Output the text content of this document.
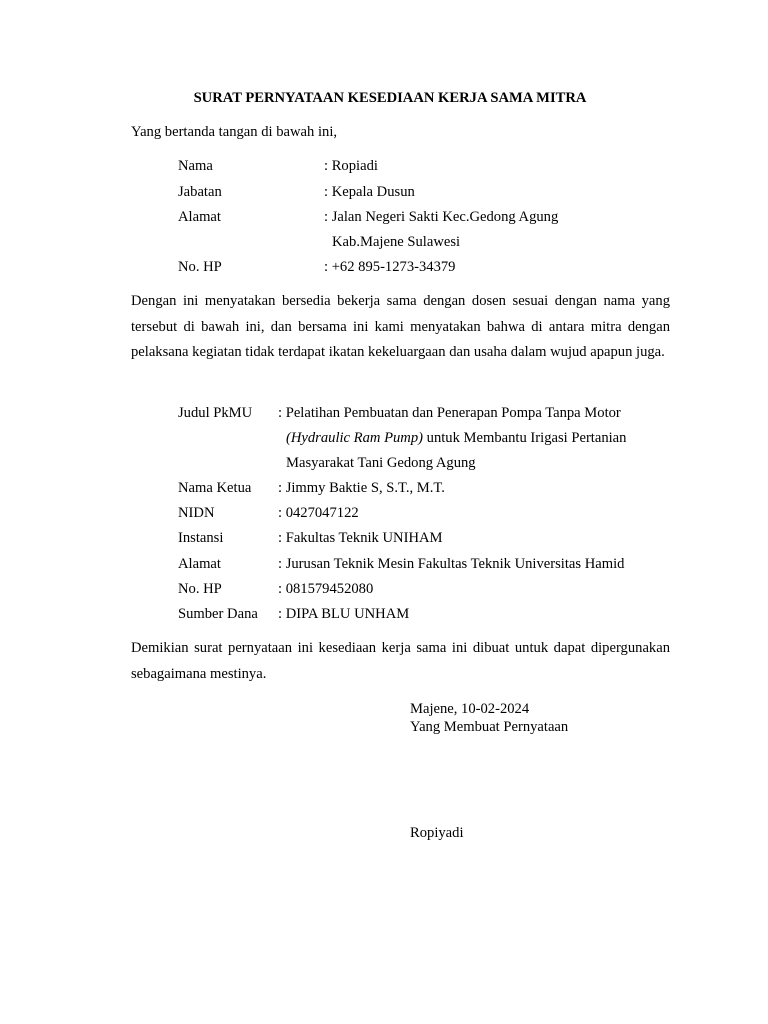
SURAT PERNYATAAN KESEDIAAN KERJA SAMA MITRA
Yang bertanda tangan di bawah ini,
Nama	: Ropiadi
Jabatan	: Kepala Dusun
Alamat	: Jalan Negeri Sakti Kec.Gedong Agung
Kab.Majene Sulawesi
No. HP	: +62 895-1273-34379
Dengan ini menyatakan bersedia bekerja sama dengan dosen sesuai dengan nama yang tersebut di bawah ini, dan bersama ini kami menyatakan bahwa di antara mitra dengan pelaksana kegiatan tidak terdapat ikatan kekeluargaan dan usaha dalam wujud apapun juga.
Judul PkMU : Pelatihan Pembuatan dan Penerapan Pompa Tanpa Motor
(Hydraulic Ram Pump) untuk Membantu Irigasi Pertanian
Masyarakat Tani Gedong Agung
Nama Ketua : Jimmy Baktie S, S.T., M.T.
NIDN	: 0427047122
Instansi	: Fakultas Teknik UNIHAM
Alamat	: Jurusan Teknik Mesin Fakultas Teknik Universitas Hamid
No. HP	: 081579452080
Sumber Dana : DIPA BLU UNHAM
Demikian surat pernyataan ini kesediaan kerja sama ini dibuat untuk dapat dipergunakan sebagaimana mestinya.
Majene, 10-02-2024
Yang Membuat Pernyataan
Ropiyadi
